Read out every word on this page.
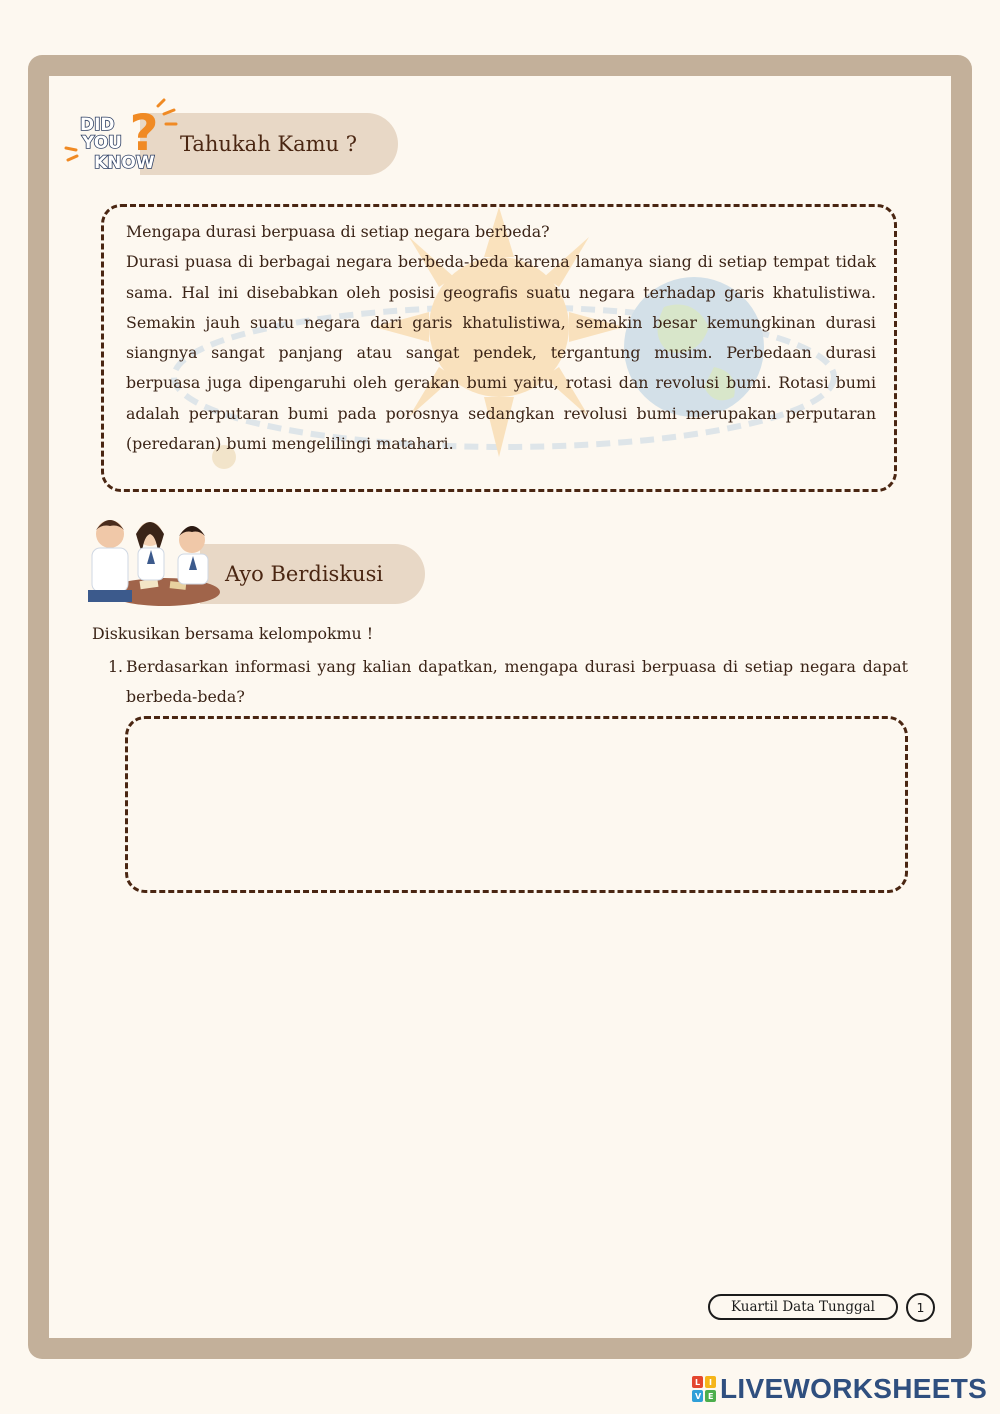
Tahukah Kamu ?
?
DID
YOU
KNOW

Mengapa durasi berpuasa di setiap negara berbeda?

Durasi puasa di berbagai negara berbeda-beda karena lamanya siang di setiap tempat tidak sama. Hal ini disebabkan oleh posisi geografis suatu negara terhadap garis khatulistiwa. Semakin jauh suatu negara dari garis khatulistiwa, semakin besar kemungkinan durasi siangnya sangat panjang atau sangat pendek, tergantung musim. Perbedaan durasi berpuasa juga dipengaruhi oleh gerakan bumi yaitu, rotasi dan revolusi bumi. Rotasi bumi adalah perputaran bumi pada porosnya sedangkan revolusi bumi merupakan perputaran (peredaran) bumi mengelilingi matahari.

Ayo Berdiskusi
Diskusikan bersama kelompokmu !
1. Berdasarkan informasi yang kalian dapatkan, mengapa durasi berpuasa di setiap negara dapat berbeda-beda?
Kuartil Data Tunggal	1
L I
V E LIVEWORKSHEETS
